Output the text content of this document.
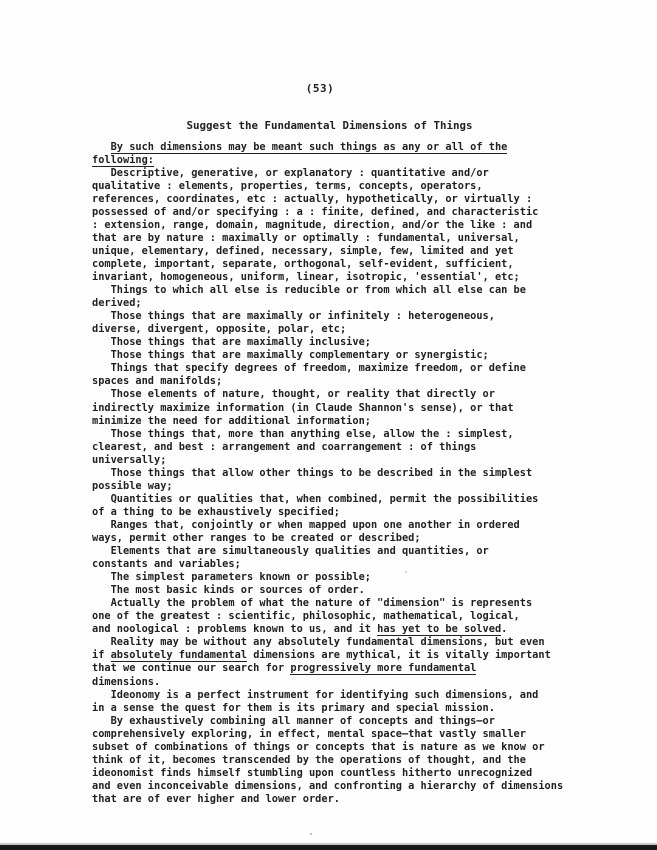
(53)
Suggest the Fundamental Dimensions of Things
By such dimensions may be meant such things as any or all of the
following:
Descriptive, generative, or explanatory : quantitative and/or
qualitative : elements, properties, terms, concepts, operators,
references, coordinates, etc : actually, hypothetically, or virtually :
possessed of and/or specifying : a : finite, defined, and characteristic
: extension, range, domain, magnitude, direction, and/or the like : and
that are by nature : maximally or optimally : fundamental, universal,
unique, elementary, defined, necessary, simple, few, limited and yet
complete, important, separate, orthogonal, self-evident, sufficient,
invariant, homogeneous, uniform, linear, isotropic, 'essential', etc;
Things to which all else is reducible or from which all else can be
derived;
Those things that are maximally or infinitely : heterogeneous,
diverse, divergent, opposite, polar, etc;
Those things that are maximally inclusive;
Those things that are maximally complementary or synergistic;
Things that specify degrees of freedom, maximize freedom, or define
spaces and manifolds;
Those elements of nature, thought, or reality that directly or
indirectly maximize information (in Claude Shannon's sense), or that
minimize the need for additional information;
Those things that, more than anything else, allow the : simplest,
clearest, and best : arrangement and coarrangement : of things
universally;
Those things that allow other things to be described in the simplest
possible way;
Quantities or qualities that, when combined, permit the possibilities
of a thing to be exhaustively specified;
Ranges that, conjointly or when mapped upon one another in ordered
ways, permit other ranges to be created or described;
Elements that are simultaneously qualities and quantities, or
constants and variables;
The simplest parameters known or possible;
The most basic kinds or sources of order.
Actually the problem of what the nature of "dimension" is represents
one of the greatest : scientific, philosophic, mathematical, logical,
and noological : problems known to us, and it has yet to be solved.
Reality may be without any absolutely fundamental dimensions, but even
if absolutely fundamental dimensions are mythical, it is vitally important
that we continue our search for progressively more fundamental
dimensions.
Ideonomy is a perfect instrument for identifying such dimensions, and
in a sense the quest for them is its primary and special mission.
By exhaustively combining all manner of concepts and things—or
comprehensively exploring, in effect, mental space—that vastly smaller
subset of combinations of things or concepts that is nature as we know or
think of it, becomes transcended by the operations of thought, and the
ideonomist finds himself stumbling upon countless hitherto unrecognized
and even inconceivable dimensions, and confronting a hierarchy of dimensions
that are of ever higher and lower order.
